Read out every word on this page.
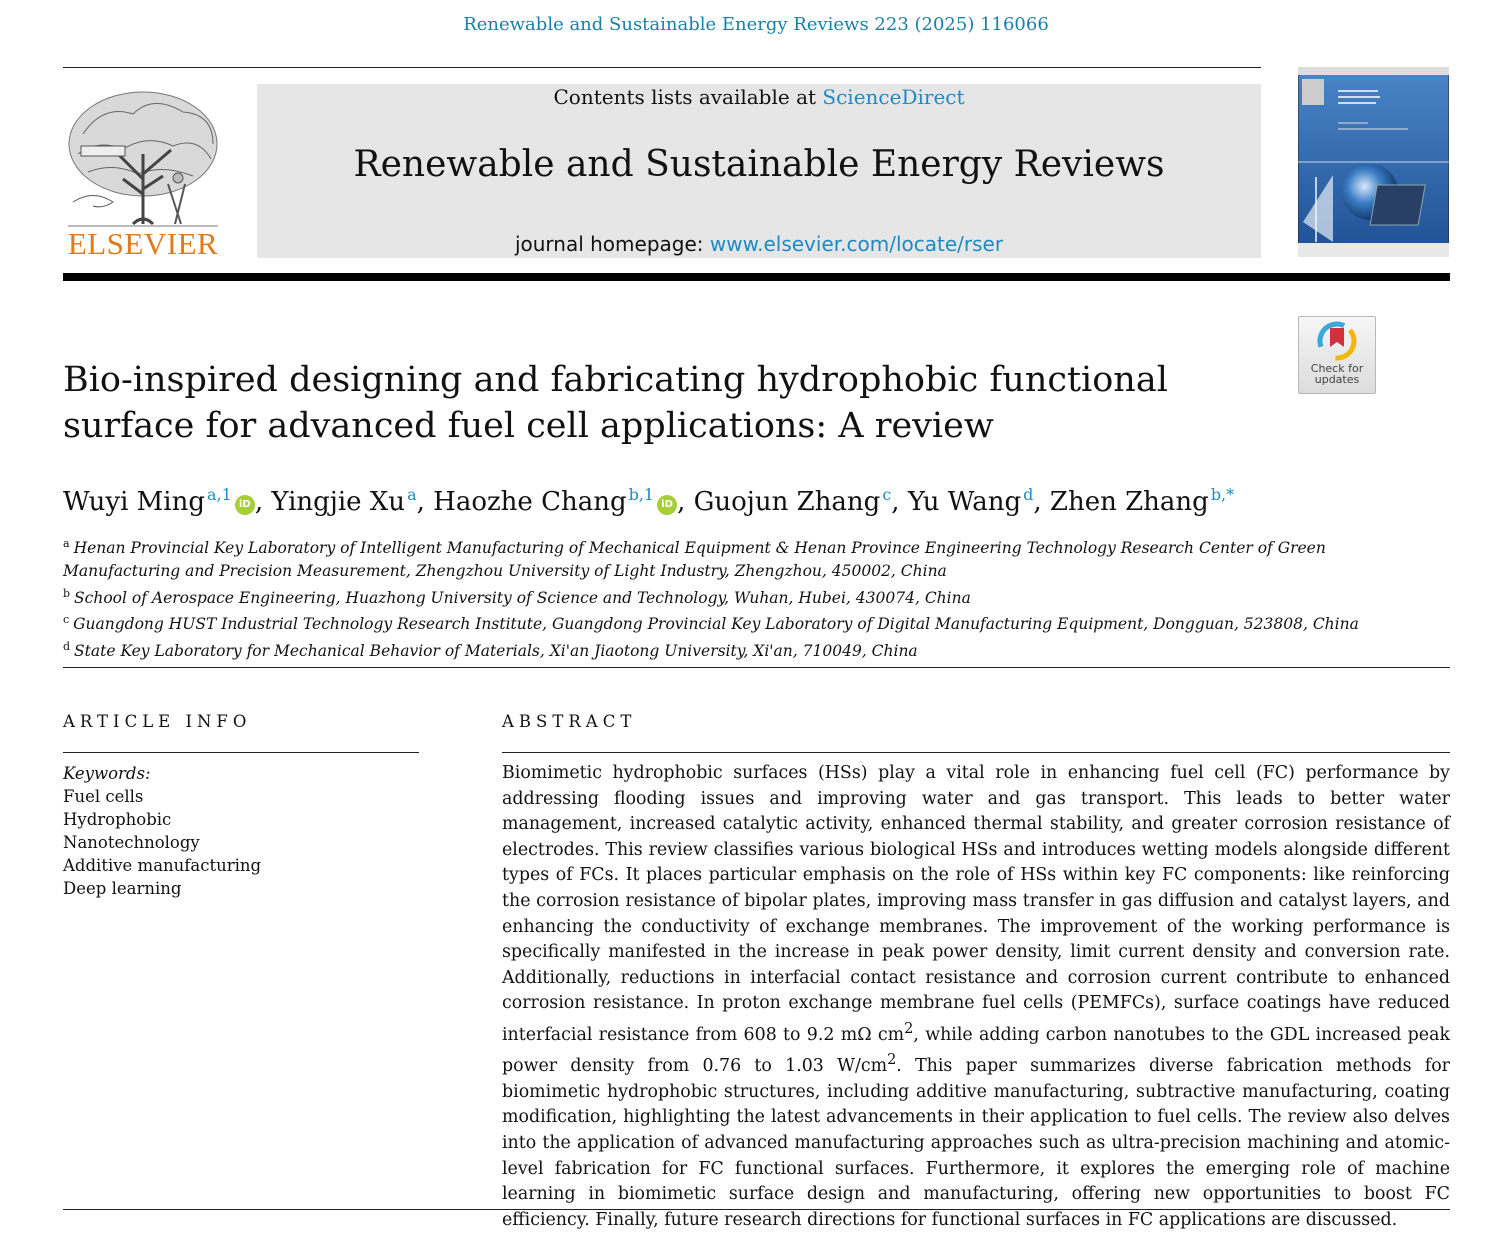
Renewable and Sustainable Energy Reviews 223 (2025) 116066
ELSEVIER
Contents lists available at ScienceDirect
Renewable and Sustainable Energy Reviews
journal homepage: www.elsevier.com/locate/rser
Check for
updates
Bio-inspired designing and fabricating hydrophobic functional surface for advanced fuel cell applications: A review
Wuyi Ming $^{a,1}$iD , Yingjie Xu $^a$, Haozhe Chang $^{b,1}$iD , Guojun Zhang $^c$, Yu Wang $^d$, Zhen Zhang $^{b,*}$
$^a$ Henan Provincial Key Laboratory of Intelligent Manufacturing of Mechanical Equipment & Henan Province Engineering Technology Research Center of Green Manufacturing and Precision Measurement, Zhengzhou University of Light Industry, Zhengzhou, 450002, China
$^b$ School of Aerospace Engineering, Huazhong University of Science and Technology, Wuhan, Hubei, 430074, China
$^c$ Guangdong HUST Industrial Technology Research Institute, Guangdong Provincial Key Laboratory of Digital Manufacturing Equipment, Dongguan, 523808, China
$^d$ State Key Laboratory for Mechanical Behavior of Materials, Xi'an Jiaotong University, Xi'an, 710049, China
ARTICLE INFO
Keywords:
Fuel cells
Hydrophobic
Nanotechnology
Additive manufacturing
Deep learning
ABSTRACT

Biomimetic hydrophobic surfaces (HSs) play a vital role in enhancing fuel cell (FC) performance by addressing flooding issues and improving water and gas transport. This leads to better water management, increased catalytic activity, enhanced thermal stability, and greater corrosion resistance of electrodes. This review classifies various biological HSs and introduces wetting models alongside different types of FCs. It places particular emphasis on the role of HSs within key FC components: like reinforcing the corrosion resistance of bipolar plates, improving mass transfer in gas diffusion and catalyst layers, and enhancing the conductivity of exchange membranes. The improvement of the working performance is specifically manifested in the increase in peak power density, limit current density and conversion rate. Additionally, reductions in interfacial contact resistance and corrosion current contribute to enhanced corrosion resistance. In proton exchange membrane fuel cells (PEMFCs), surface coatings have reduced interfacial resistance from 608 to 9.2 mΩ $cm^2$, while adding carbon nanotubes to the GDL increased peak power density from 0.76 to 1.03 $W/cm^2$. This paper summarizes diverse fabrication methods for biomimetic hydrophobic structures, including additive manufacturing, subtractive manufacturing, coating modification, highlighting the latest advancements in their application to fuel cells. The review also delves into the application of advanced manufacturing approaches such as ultra-precision machining and atomic-level fabrication for FC functional surfaces. Furthermore, it explores the emerging role of machine learning in biomimetic surface design and manufacturing, offering new opportunities to boost FC efficiency. Finally, future research directions for functional surfaces in FC applications are discussed.
